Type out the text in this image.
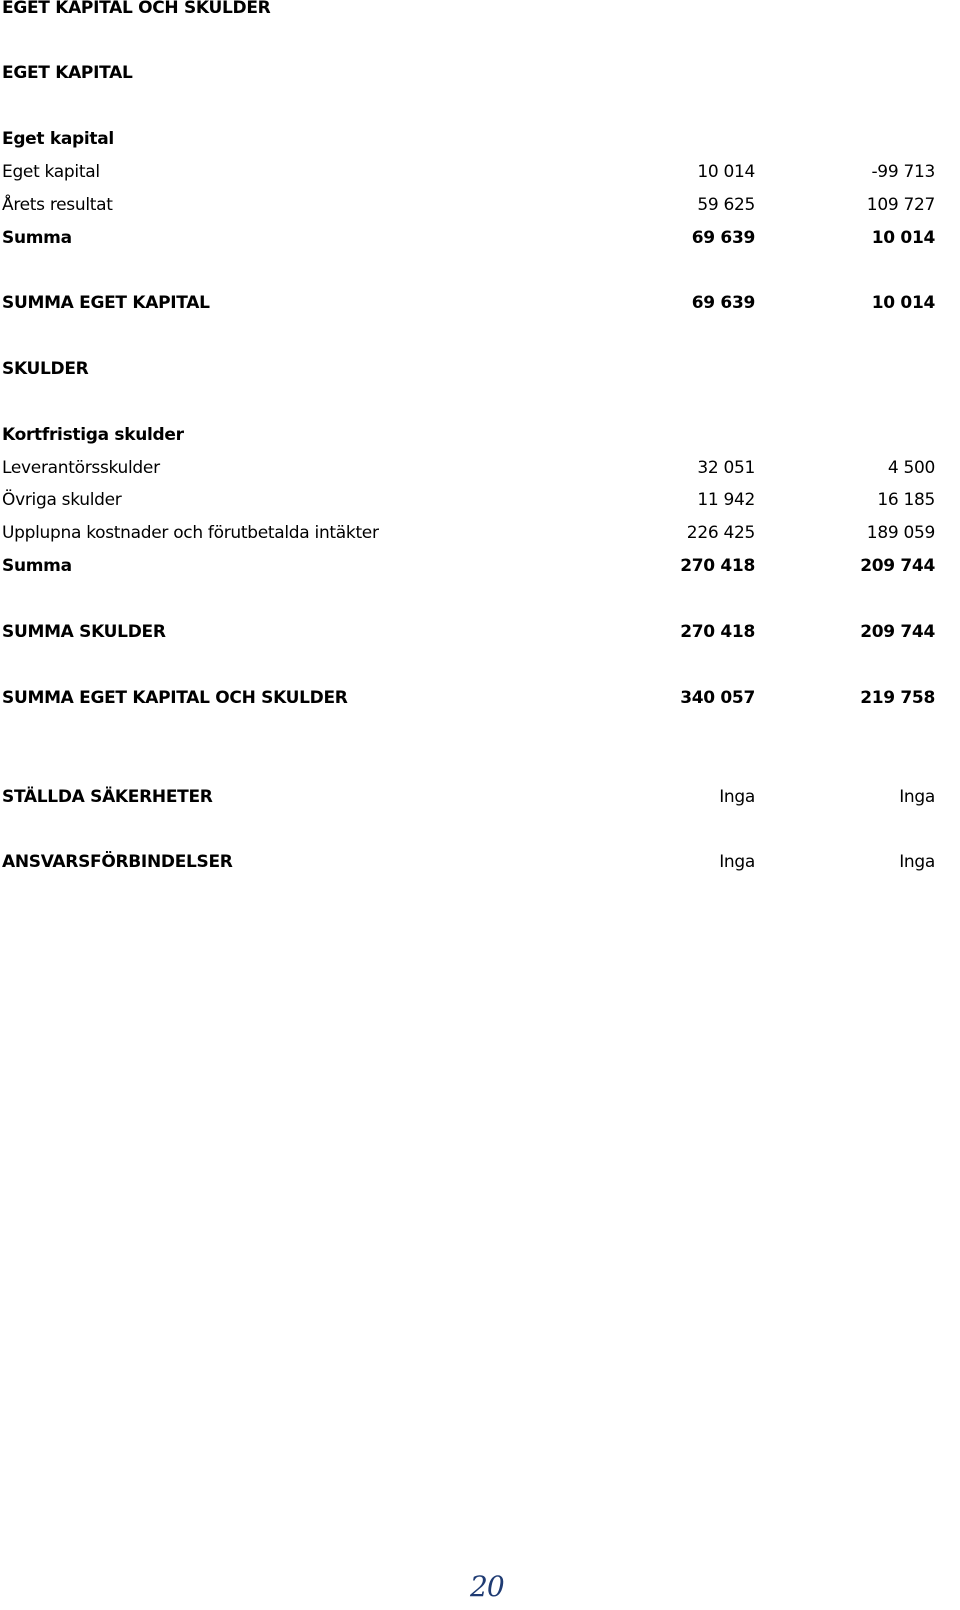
EGET KAPITAL OCH SKULDER
EGET KAPITAL
Eget kapital
Eget kapital	10 014	-99 713
Årets resultat	59 625	109 727
Summa	69 639	10 014
SUMMA EGET KAPITAL	69 639	10 014
SKULDER
Kortfristiga skulder
Leverantörsskulder	32 051	4 500
Övriga skulder	11 942	16 185
Upplupna kostnader och förutbetalda intäkter	226 425	189 059
Summa	270 418	209 744
SUMMA SKULDER	270 418	209 744
SUMMA EGET KAPITAL OCH SKULDER	340 057	219 758
STÄLLDA SÄKERHETER	Inga	Inga
ANSVARSFÖRBINDELSER	Inga	Inga
20
